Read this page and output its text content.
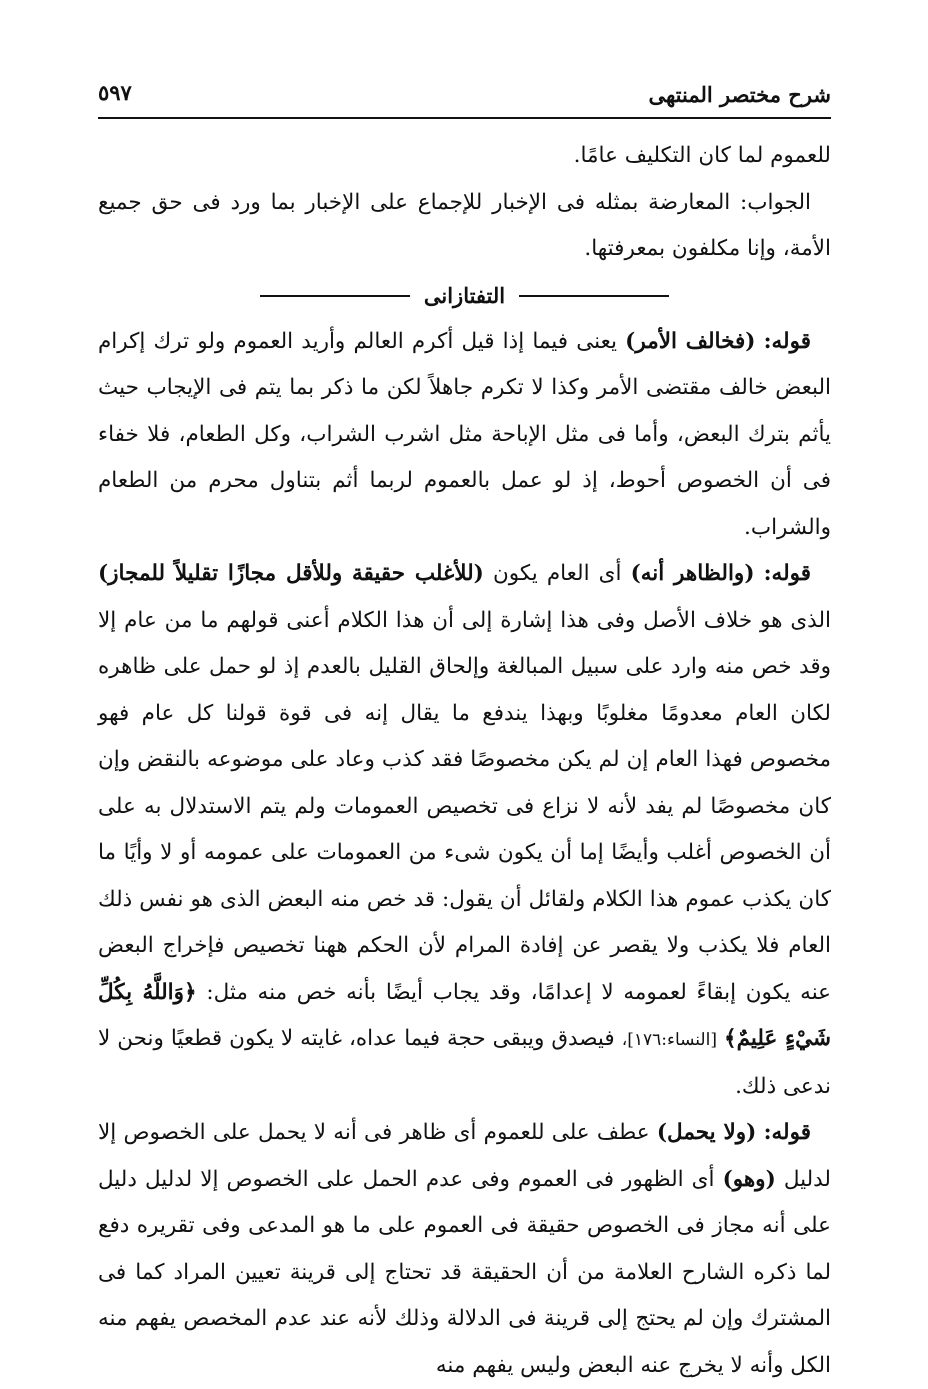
شرح مختصر المنتهى
٥٩٧

للعموم لما كان التكليف عامًا.

الجواب: المعارضة بمثله فى الإخبار للإجماع على الإخبار بما ورد فى حق جميع الأمة، وإنا مكلفون بمعرفتها.

التفتازانى

قوله: (فخالف الأمر) يعنى فيما إذا قيل أكرم العالم وأريد العموم ولو ترك إكرام البعض خالف مقتضى الأمر وكذا لا تكرم جاهلاً لكن ما ذكر بما يتم فى الإيجاب حيث يأثم بترك البعض، وأما فى مثل الإباحة مثل اشرب الشراب، وكل الطعام، فلا خفاء فى أن الخصوص أحوط، إذ لو عمل بالعموم لربما أثم بتناول محرم من الطعام والشراب.

قوله: (والظاهر أنه) أى العام يكون (للأغلب حقيقة وللأقل مجازًا تقليلاً للمجاز) الذى هو خلاف الأصل وفى هذا إشارة إلى أن هذا الكلام أعنى قولهم ما من عام إلا وقد خص منه وارد على سبيل المبالغة وإلحاق القليل بالعدم إذ لو حمل على ظاهره لكان العام معدومًا مغلوبًا وبهذا يندفع ما يقال إنه فى قوة قولنا كل عام فهو مخصوص فهذا العام إن لم يكن مخصوصًا فقد كذب وعاد على موضوعه بالنقض وإن كان مخصوصًا لم يفد لأنه لا نزاع فى تخصيص العمومات ولم يتم الاستدلال به على أن الخصوص أغلب وأيضًا إما أن يكون شىء من العمومات على عمومه أو لا وأيًا ما كان يكذب عموم هذا الكلام ولقائل أن يقول: قد خص منه البعض الذى هو نفس ذلك العام فلا يكذب ولا يقصر عن إفادة المرام لأن الحكم ههنا تخصيص فإخراج البعض عنه يكون إبقاءً لعمومه لا إعدامًا، وقد يجاب أيضًا بأنه خص منه مثل: ﴿وَاللَّهُ بِكُلِّ شَيْءٍ عَلِيمٌ﴾ [النساء:١٧٦]، فيصدق ويبقى حجة فيما عداه، غايته لا يكون قطعيًا ونحن لا ندعى ذلك.

قوله: (ولا يحمل) عطف على للعموم أى ظاهر فى أنه لا يحمل على الخصوص إلا لدليل (وهو) أى الظهور فى العموم وفى عدم الحمل على الخصوص إلا لدليل دليل على أنه مجاز فى الخصوص حقيقة فى العموم على ما هو المدعى وفى تقريره دفع لما ذكره الشارح العلامة من أن الحقيقة قد تحتاج إلى قرينة تعيين المراد كما فى المشترك وإن لم يحتج إلى قرينة فى الدلالة وذلك لأنه عند عدم المخصص يفهم منه الكل وأنه لا يخرج عنه البعض وليس يفهم منه
